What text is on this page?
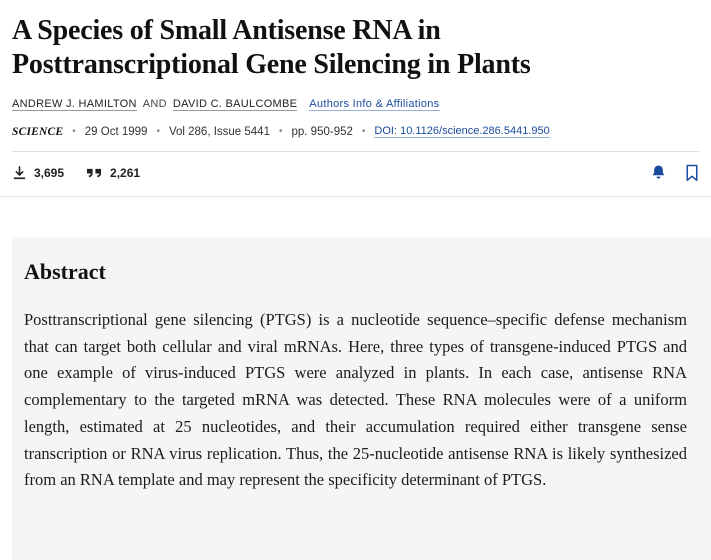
A Species of Small Antisense RNA in Posttranscriptional Gene Silencing in Plants
ANDREW J. HAMILTON AND DAVID C. BAULCOMBE Authors Info & Affiliations
SCIENCE • 29 Oct 1999 • Vol 286, Issue 5441 • pp. 950-952 • DOI: 10.1126/science.286.5441.950
3,695	2,261
Abstract

Posttranscriptional gene silencing (PTGS) is a nucleotide sequence–specific defense mechanism that can target both cellular and viral mRNAs. Here, three types of transgene-induced PTGS and one example of virus-induced PTGS were analyzed in plants. In each case, antisense RNA complementary to the targeted mRNA was detected. These RNA molecules were of a uniform length, estimated at 25 nucleotides, and their accumulation required either transgene sense transcription or RNA virus replication. Thus, the 25-nucleotide antisense RNA is likely synthesized from an RNA template and may represent the specificity determinant of PTGS.
